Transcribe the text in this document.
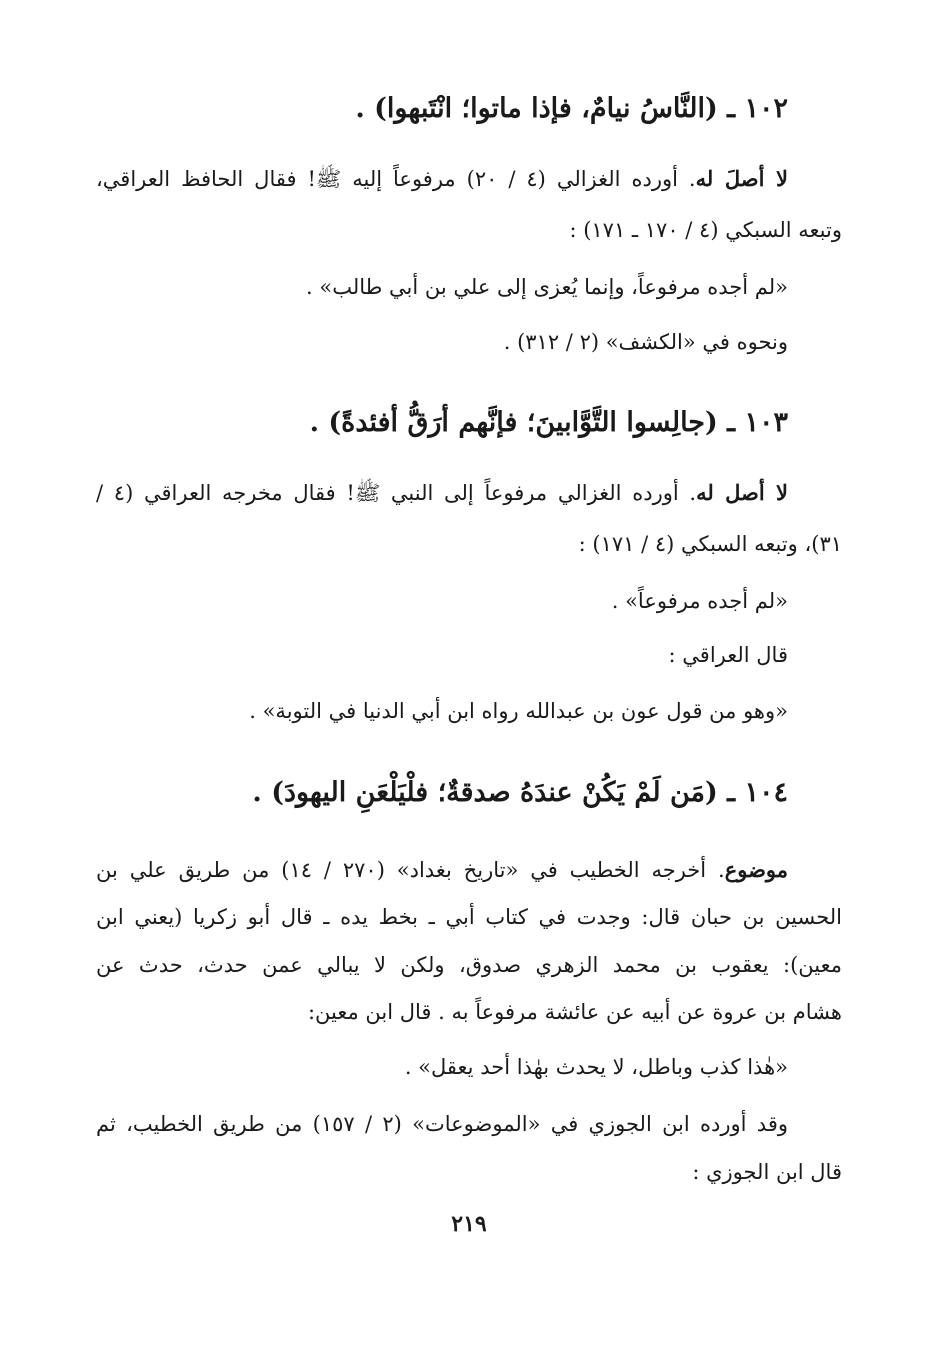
١٠٢ ـ (النَّاسُ نيامٌ، فإذا ماتوا؛ انْتَبهوا) .
لا أصلَ له. أورده الغزالي (٤ / ٢٠) مرفوعاً إليه ﷺ! فقال الحافظ العراقي،
وتبعه السبكي (٤ / ١٧٠ ـ ١٧١) :
«لم أجده مرفوعاً، وإنما يُعزى إلى علي بن أبي طالب» .
ونحوه في «الكشف» (٢ / ٣١٢) .
١٠٣ ـ (جالِسوا التَّوَّابينَ؛ فإنَّهم أرَقُّ أفئدةً) .
لا أصل له. أورده الغزالي مرفوعاً إلى النبي ﷺ! فقال مخرجه العراقي (٤ /
٣١)، وتبعه السبكي (٤ / ١٧١) :
«لم أجده مرفوعاً» .
قال العراقي :
«وهو من قول عون بن عبدالله رواه ابن أبي الدنيا في التوبة» .
١٠٤ ـ (مَن لَمْ يَكُنْ عندَهُ صدقةٌ؛ فلْيَلْعَنِ اليهودَ) .
موضوع. أخرجه الخطيب في «تاريخ بغداد» (٢٧٠ / ١٤) من طريق علي بن
الحسين بن حبان قال: وجدت في كتاب أبي ـ بخط يده ـ قال أبو زكريا (يعني ابن
معين): يعقوب بن محمد الزهري صدوق، ولكن لا يبالي عمن حدث، حدث عن
هشام بن عروة عن أبيه عن عائشة مرفوعاً به . قال ابن معين:
«هٰذا كذب وباطل، لا يحدث بهٰذا أحد يعقل» .
وقد أورده ابن الجوزي في «الموضوعات» (٢ / ١٥٧) من طريق الخطيب، ثم
قال ابن الجوزي :
٢١٩
